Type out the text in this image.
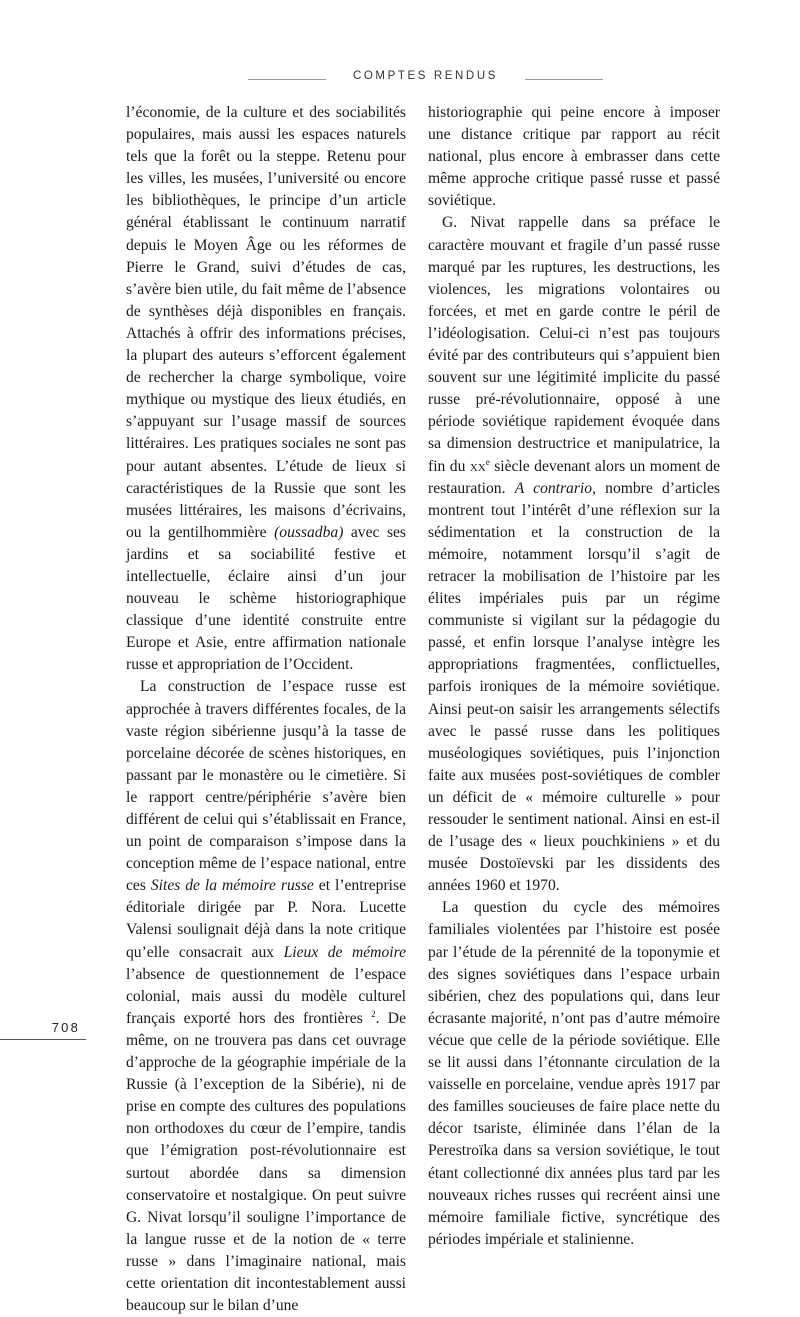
COMPTES RENDUS

l’économie, de la culture et des sociabilités populaires, mais aussi les espaces naturels tels que la forêt ou la steppe. Retenu pour les villes, les musées, l’université ou encore les bibliothèques, le principe d’un article général établissant le continuum narratif depuis le Moyen Âge ou les réformes de Pierre le Grand, suivi d’études de cas, s’avère bien utile, du fait même de l’absence de synthèses déjà disponibles en français. Attachés à offrir des informations précises, la plupart des auteurs s’efforcent également de rechercher la charge symbolique, voire mythique ou mystique des lieux étudiés, en s’appuyant sur l’usage massif de sources littéraires. Les pratiques sociales ne sont pas pour autant absentes. L’étude de lieux si caractéristiques de la Russie que sont les musées littéraires, les maisons d’écrivains, ou la gentilhommière (oussadba) avec ses jardins et sa sociabilité festive et intellectuelle, éclaire ainsi d’un jour nouveau le schème historiographique classique d’une identité construite entre Europe et Asie, entre affirmation nationale russe et appropriation de l’Occident.

La construction de l’espace russe est approchée à travers différentes focales, de la vaste région sibérienne jusqu’à la tasse de porcelaine décorée de scènes historiques, en passant par le monastère ou le cimetière. Si le rapport centre/périphérie s’avère bien différent de celui qui s’établissait en France, un point de comparaison s’impose dans la conception même de l’espace national, entre ces Sites de la mémoire russe et l’entreprise éditoriale dirigée par P. Nora. Lucette Valensi soulignait déjà dans la note critique qu’elle consacrait aux Lieux de mémoire l’absence de questionnement de l’espace colonial, mais aussi du modèle culturel français exporté hors des frontières $^2$. De même, on ne trouvera pas dans cet ouvrage d’approche de la géographie impériale de la Russie (à l’exception de la Sibérie), ni de prise en compte des cultures des populations non orthodoxes du cœur de l’empire, tandis que l’émigration post-révolutionnaire est surtout abordée dans sa dimension conservatoire et nostalgique. On peut suivre G. Nivat lorsqu’il souligne l’importance de la langue russe et de la notion de « terre russe » dans l’imaginaire national, mais cette orientation dit incontestablement aussi beaucoup sur le bilan d’une

historiographie qui peine encore à imposer une distance critique par rapport au récit national, plus encore à embrasser dans cette même approche critique passé russe et passé soviétique.

G. Nivat rappelle dans sa préface le caractère mouvant et fragile d’un passé russe marqué par les ruptures, les destructions, les violences, les migrations volontaires ou forcées, et met en garde contre le péril de l’idéologisation. Celui-ci n’est pas toujours évité par des contributeurs qui s’appuient bien souvent sur une légitimité implicite du passé russe pré-révolutionnaire, opposé à une période soviétique rapidement évoquée dans sa dimension destructrice et manipulatrice, la fin du $xx^e$ siècle devenant alors un moment de restauration. A contrario, nombre d’articles montrent tout l’intérêt d’une réflexion sur la sédimentation et la construction de la mémoire, notamment lorsqu’il s’agit de retracer la mobilisation de l’histoire par les élites impériales puis par un régime communiste si vigilant sur la pédagogie du passé, et enfin lorsque l’analyse intègre les appropriations fragmentées, conflictuelles, parfois ironiques de la mémoire soviétique. Ainsi peut-on saisir les arrangements sélectifs avec le passé russe dans les politiques muséologiques soviétiques, puis l’injonction faite aux musées post-soviétiques de combler un déficit de « mémoire culturelle » pour ressouder le sentiment national. Ainsi en est-il de l’usage des « lieux pouchkiniens » et du musée Dostoïevski par les dissidents des années 1960 et 1970.

La question du cycle des mémoires familiales violentées par l’histoire est posée par l’étude de la pérennité de la toponymie et des signes soviétiques dans l’espace urbain sibérien, chez des populations qui, dans leur écrasante majorité, n’ont pas d’autre mémoire vécue que celle de la période soviétique. Elle se lit aussi dans l’étonnante circulation de la vaisselle en porcelaine, vendue après 1917 par des familles soucieuses de faire place nette du décor tsariste, éliminée dans l’élan de la Perestroïka dans sa version soviétique, le tout étant collectionné dix années plus tard par les nouveaux riches russes qui recréent ainsi une mémoire familiale fictive, syncrétique des périodes impériale et stalinienne.

708
